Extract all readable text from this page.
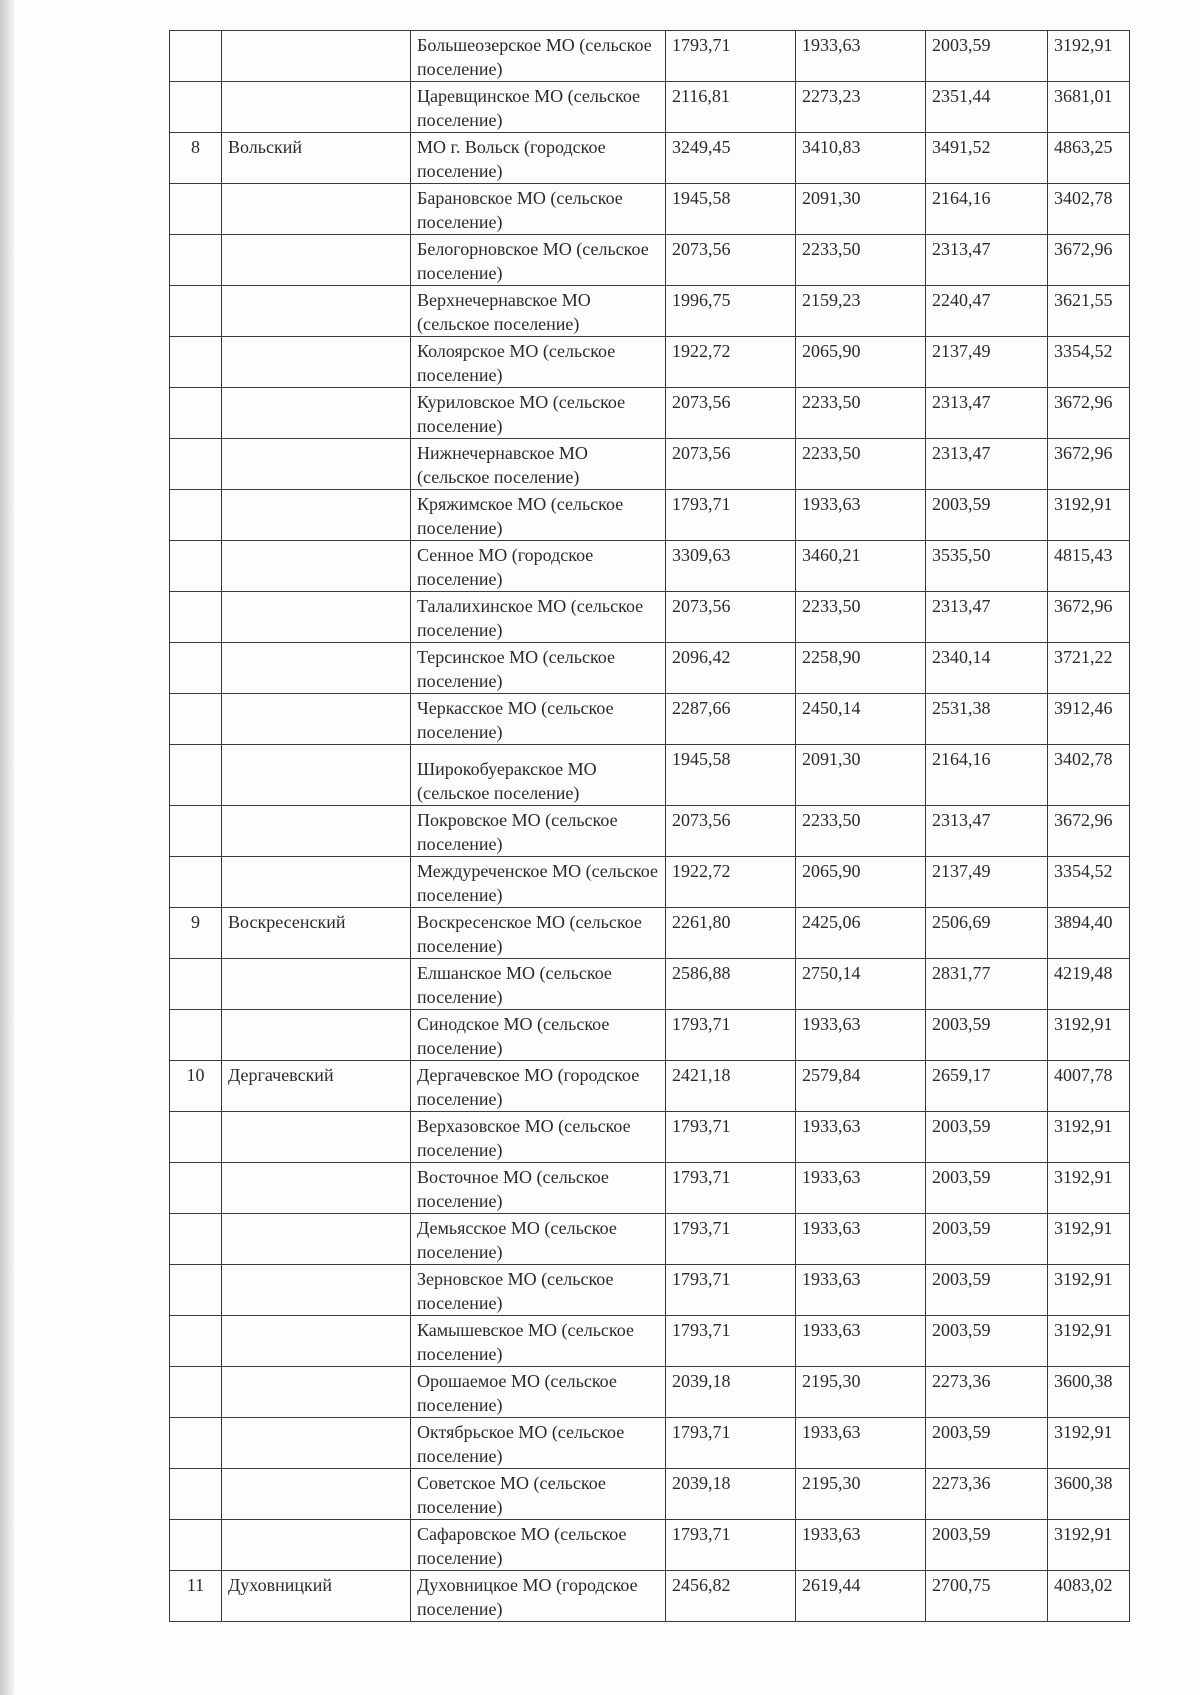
		Большеозерское МО (сельское поселение)	1793,71	1933,63	2003,59	3192,91
		Царевщинское МО (сельское поселение)	2116,81	2273,23	2351,44	3681,01
8	Вольский	МО г. Вольск (городское поселение)	3249,45	3410,83	3491,52	4863,25
		Барановское МО (сельское поселение)	1945,58	2091,30	2164,16	3402,78
		Белогорновское МО (сельское поселение)	2073,56	2233,50	2313,47	3672,96
		Верхнечернавское МО (сельское поселение)	1996,75	2159,23	2240,47	3621,55
		Колоярское МО (сельское поселение)	1922,72	2065,90	2137,49	3354,52
		Куриловское МО (сельское поселение)	2073,56	2233,50	2313,47	3672,96
		Нижнечернавское МО (сельское поселение)	2073,56	2233,50	2313,47	3672,96
		Кряжимское МО (сельское поселение)	1793,71	1933,63	2003,59	3192,91
		Сенное МО (городское поселение)	3309,63	3460,21	3535,50	4815,43
		Талалихинское МО (сельское поселение)	2073,56	2233,50	2313,47	3672,96
		Терсинское МО (сельское поселение)	2096,42	2258,90	2340,14	3721,22
		Черкасское МО (сельское поселение)	2287,66	2450,14	2531,38	3912,46
		Широкобуеракское МО (сельское поселение)	1945,58	2091,30	2164,16	3402,78
		Покровское МО (сельское поселение)	2073,56	2233,50	2313,47	3672,96
		Междуреченское МО (сельское поселение)	1922,72	2065,90	2137,49	3354,52
9	Воскресенский	Воскресенское МО (сельское поселение)	2261,80	2425,06	2506,69	3894,40
		Елшанское МО (сельское поселение)	2586,88	2750,14	2831,77	4219,48
		Синодское МО (сельское поселение)	1793,71	1933,63	2003,59	3192,91
10	Дергачевский	Дергачевское МО (городское поселение)	2421,18	2579,84	2659,17	4007,78
		Верхазовское МО (сельское поселение)	1793,71	1933,63	2003,59	3192,91
		Восточное МО (сельское поселение)	1793,71	1933,63	2003,59	3192,91
		Демьясское МО (сельское поселение)	1793,71	1933,63	2003,59	3192,91
		Зерновское МО (сельское поселение)	1793,71	1933,63	2003,59	3192,91
		Камышевское МО (сельское поселение)	1793,71	1933,63	2003,59	3192,91
		Орошаемое МО (сельское поселение)	2039,18	2195,30	2273,36	3600,38
		Октябрьское МО (сельское поселение)	1793,71	1933,63	2003,59	3192,91
		Советское МО (сельское поселение)	2039,18	2195,30	2273,36	3600,38
		Сафаровское МО (сельское поселение)	1793,71	1933,63	2003,59	3192,91
11	Духовницкий	Духовницкое МО (городское поселение)	2456,82	2619,44	2700,75	4083,02
